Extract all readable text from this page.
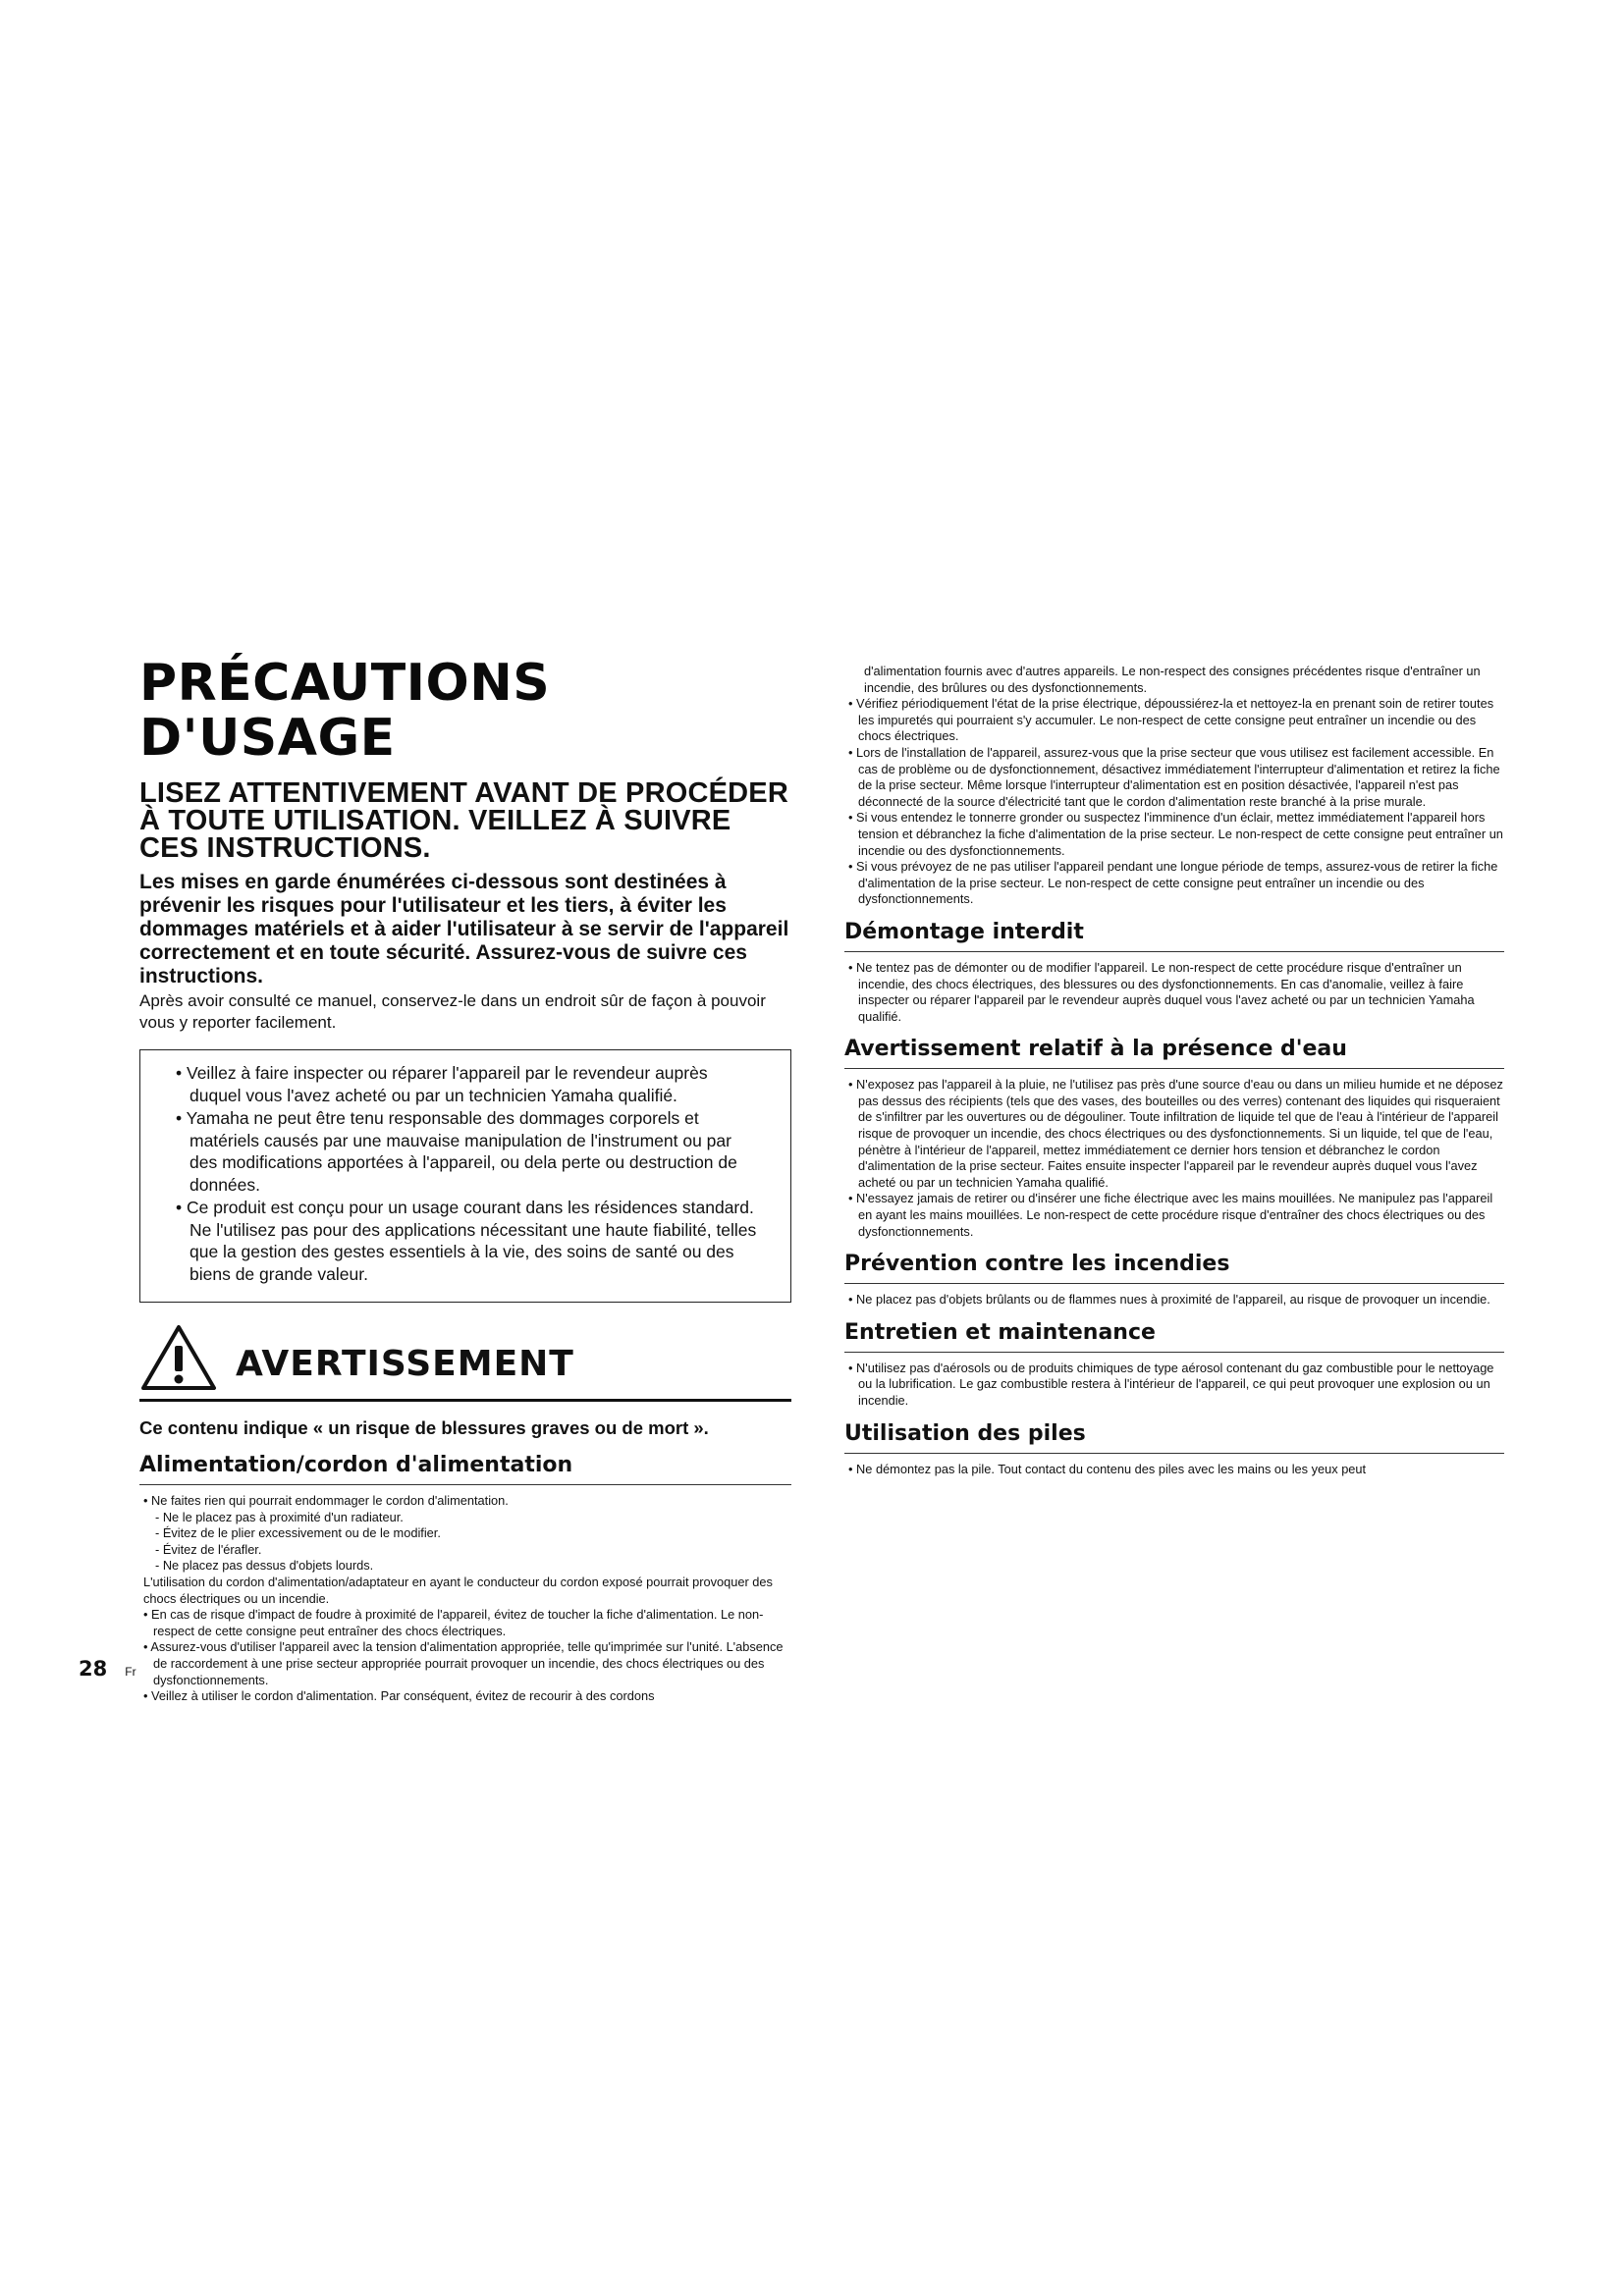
PRÉCAUTIONS D'USAGE

LISEZ ATTENTIVEMENT AVANT DE PROCÉDER À TOUTE UTILISATION. VEILLEZ À SUIVRE CES INSTRUCTIONS.

Les mises en garde énumérées ci-dessous sont destinées à prévenir les risques pour l'utilisateur et les tiers, à éviter les dommages matériels et à aider l'utilisateur à se servir de l'appareil correctement et en toute sécurité. Assurez-vous de suivre ces instructions.

Après avoir consulté ce manuel, conservez-le dans un endroit sûr de façon à pouvoir vous y reporter facilement.

• Veillez à faire inspecter ou réparer l'appareil par le revendeur auprès duquel vous l'avez acheté ou par un technicien Yamaha qualifié.

• Yamaha ne peut être tenu responsable des dommages corporels et matériels causés par une mauvaise manipulation de l'instrument ou par des modifications apportées à l'appareil, ou dela perte ou destruction de données.

• Ce produit est conçu pour un usage courant dans les résidences standard. Ne l'utilisez pas pour des applications nécessitant une haute fiabilité, telles que la gestion des gestes essentiels à la vie, des soins de santé ou des biens de grande valeur.

AVERTISSEMENT
Ce contenu indique « un risque de blessures graves ou de mort ».
Alimentation/cordon d'alimentation

• Ne faites rien qui pourrait endommager le cordon d'alimentation.

- Ne le placez pas à proximité d'un radiateur.

- Évitez de le plier excessivement ou de le modifier.

- Évitez de l'érafler.

- Ne placez pas dessus d'objets lourds.

L'utilisation du cordon d'alimentation/adaptateur en ayant le conducteur du cordon exposé pourrait provoquer des chocs électriques ou un incendie.

• En cas de risque d'impact de foudre à proximité de l'appareil, évitez de toucher la fiche d'alimentation. Le non-respect de cette consigne peut entraîner des chocs électriques.

• Assurez-vous d'utiliser l'appareil avec la tension d'alimentation appropriée, telle qu'imprimée sur l'unité. L'absence de raccordement à une prise secteur appropriée pourrait provoquer un incendie, des chocs électriques ou des dysfonctionnements.

• Veillez à utiliser le cordon d'alimentation. Par conséquent, évitez de recourir à des cordons

d'alimentation fournis avec d'autres appareils. Le non-respect des consignes précédentes risque d'entraîner un incendie, des brûlures ou des dysfonctionnements.

• Vérifiez périodiquement l'état de la prise électrique, dépoussiérez-la et nettoyez-la en prenant soin de retirer toutes les impuretés qui pourraient s'y accumuler. Le non-respect de cette consigne peut entraîner un incendie ou des chocs électriques.

• Lors de l'installation de l'appareil, assurez-vous que la prise secteur que vous utilisez est facilement accessible. En cas de problème ou de dysfonctionnement, désactivez immédiatement l'interrupteur d'alimentation et retirez la fiche de la prise secteur. Même lorsque l'interrupteur d'alimentation est en position désactivée, l'appareil n'est pas déconnecté de la source d'électricité tant que le cordon d'alimentation reste branché à la prise murale.

• Si vous entendez le tonnerre gronder ou suspectez l'imminence d'un éclair, mettez immédiatement l'appareil hors tension et débranchez la fiche d'alimentation de la prise secteur. Le non-respect de cette consigne peut entraîner un incendie ou des dysfonctionnements.

• Si vous prévoyez de ne pas utiliser l'appareil pendant une longue période de temps, assurez-vous de retirer la fiche d'alimentation de la prise secteur. Le non-respect de cette consigne peut entraîner un incendie ou des dysfonctionnements.

Démontage interdit

• Ne tentez pas de démonter ou de modifier l'appareil. Le non-respect de cette procédure risque d'entraîner un incendie, des chocs électriques, des blessures ou des dysfonctionnements. En cas d'anomalie, veillez à faire inspecter ou réparer l'appareil par le revendeur auprès duquel vous l'avez acheté ou par un technicien Yamaha qualifié.

Avertissement relatif à la présence d'eau

• N'exposez pas l'appareil à la pluie, ne l'utilisez pas près d'une source d'eau ou dans un milieu humide et ne déposez pas dessus des récipients (tels que des vases, des bouteilles ou des verres) contenant des liquides qui risqueraient de s'infiltrer par les ouvertures ou de dégouliner. Toute infiltration de liquide tel que de l'eau à l'intérieur de l'appareil risque de provoquer un incendie, des chocs électriques ou des dysfonctionnements. Si un liquide, tel que de l'eau, pénètre à l'intérieur de l'appareil, mettez immédiatement ce dernier hors tension et débranchez le cordon d'alimentation de la prise secteur. Faites ensuite inspecter l'appareil par le revendeur auprès duquel vous l'avez acheté ou par un technicien Yamaha qualifié.

• N'essayez jamais de retirer ou d'insérer une fiche électrique avec les mains mouillées. Ne manipulez pas l'appareil en ayant les mains mouillées. Le non-respect de cette procédure risque d'entraîner des chocs électriques ou des dysfonctionnements.

Prévention contre les incendies

• Ne placez pas d'objets brûlants ou de flammes nues à proximité de l'appareil, au risque de provoquer un incendie.

Entretien et maintenance

• N'utilisez pas d'aérosols ou de produits chimiques de type aérosol contenant du gaz combustible pour le nettoyage ou la lubrification. Le gaz combustible restera à l'intérieur de l'appareil, ce qui peut provoquer une explosion ou un incendie.

Utilisation des piles

• Ne démontez pas la pile. Tout contact du contenu des piles avec les mains ou les yeux peut

28 Fr
